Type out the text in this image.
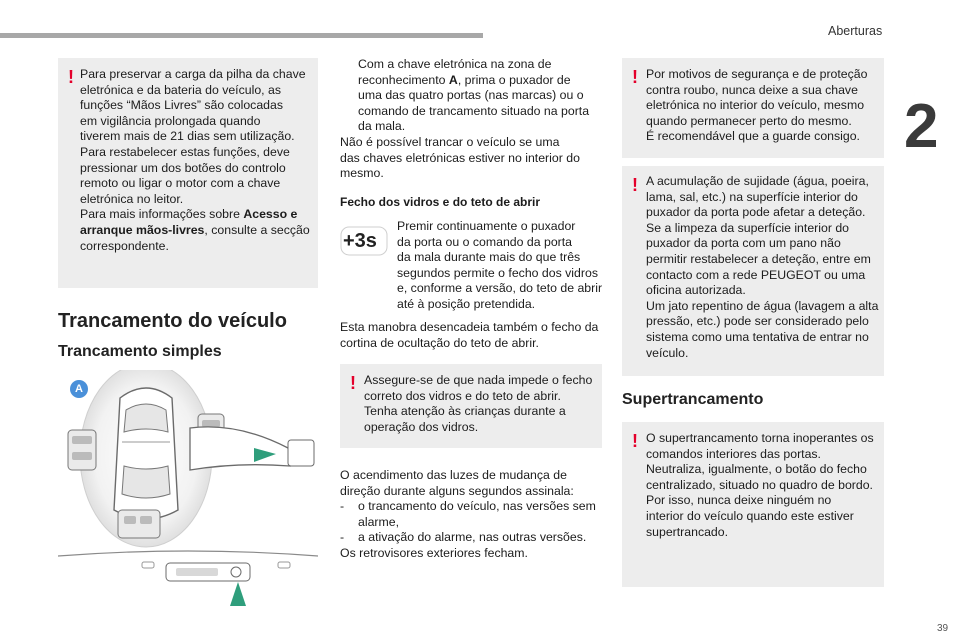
Aberturas
2
39
! Para preservar a carga da pilha da chave
eletrónica e da bateria do veículo, as
funções “Mãos Livres” são colocadas
em vigilância prolongada quando
tiverem mais de 21 dias sem utilização.
Para restabelecer estas funções, deve
pressionar um dos botões do controlo
remoto ou ligar o motor com a chave
eletrónica no leitor.
Para mais informações sobre Acesso e
arranque mãos-livres, consulte a secção
correspondente.

Trancamento do veículo
Trancamento simples
A

Com a chave eletrónica na zona de
reconhecimento A, prima o puxador de
uma das quatro portas (nas marcas) ou o
comando de trancamento situado na porta
da mala.

Não é possível trancar o veículo se uma
das chaves eletrónicas estiver no interior do
mesmo.

Fecho dos vidros e do teto de abrir
+3s

Premir continuamente o puxador
da porta ou o comando da porta
da mala durante mais do que três
segundos permite o fecho dos vidros
e, conforme a versão, do teto de abrir
até à posição pretendida.

Esta manobra desencadeia também o fecho da
cortina de ocultação do teto de abrir.

! Assegure-se de que nada impede o fecho
correto dos vidros e do teto de abrir.
Tenha atenção às crianças durante a
operação dos vidros.

O acendimento das luzes de mudança de
direção durante alguns segundos assinala:

- o trancamento do veículo, nas versões sem
alarme,
- a ativação do alarme, nas outras versões.

Os retrovisores exteriores fecham.

! Por motivos de segurança e de proteção
contra roubo, nunca deixe a sua chave
eletrónica no interior do veículo, mesmo
quando permanecer perto do mesmo.
É recomendável que a guarde consigo.

! A acumulação de sujidade (água, poeira,
lama, sal, etc.) na superfície interior do
puxador da porta pode afetar a deteção.
Se a limpeza da superfície interior do
puxador da porta com um pano não
permitir restabelecer a deteção, entre em
contacto com a rede PEUGEOT ou uma
oficina autorizada.
Um jato repentino de água (lavagem a alta
pressão, etc.) pode ser considerado pelo
sistema como uma tentativa de entrar no
veículo.

Supertrancamento
! O supertrancamento torna inoperantes os
comandos interiores das portas.
Neutraliza, igualmente, o botão do fecho
centralizado, situado no quadro de bordo.
Por isso, nunca deixe ninguém no
interior do veículo quando este estiver
supertrancado.
